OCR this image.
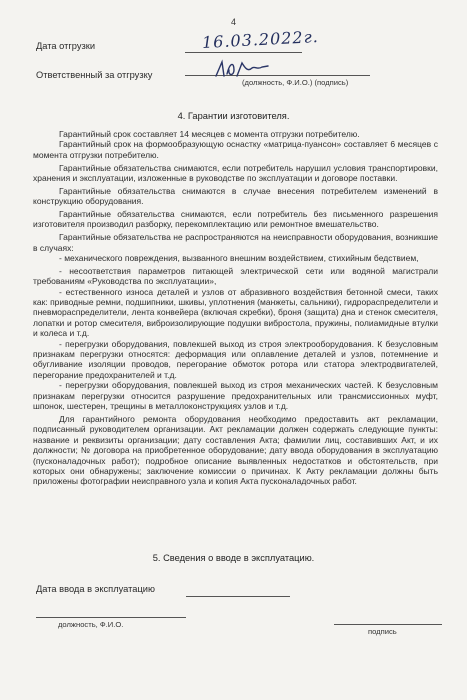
4
Дата отгрузки	16.03.2022г.
Ответственный за отгрузку
(должность, Ф.И.О.) (подпись)
4. Гарантии изготовителя.

Гарантийный срок составляет 14 месяцев с момента отгрузки потребителю.

Гарантийный срок на формообразующую оснастку «матрица-пуансон» составляет 6 месяцев с момента отгрузки потребителю.

Гарантийные обязательства снимаются, если потребитель нарушил условия транспортировки, хранения и эксплуатации, изложенные в руководстве по эксплуатации и договоре поставки.

Гарантийные обязательства снимаются в случае внесения потребителем изменений в конструкцию оборудования.

Гарантийные обязательства снимаются, если потребитель без письменного разрешения изготовителя производил разборку, перекомплектацию или ремонтное вмешательство.

Гарантийные обязательства не распространяются на неисправности оборудования, возникшие в случаях:

- механического повреждения, вызванного внешним воздействием, стихийным бедствием,

- несоответствия параметров питающей электрической сети или водяной магистрали требованиям «Руководства по эксплуатации»,

- естественного износа деталей и узлов от абразивного воздействия бетонной смеси, таких как: приводные ремни, подшипники, шкивы, уплотнения (манжеты, сальники), гидрораспределители и пневмораспределители, лента конвейера (включая скребки), броня (защита) дна и стенок смесителя, лопатки и ротор смесителя, виброизолирующие подушки вибростола, пружины, полиамидные втулки и колеса и т.д.

- перегрузки оборудования, повлекшей выход из строя электрооборудования. К безусловным признакам перегрузки относятся: деформация или оплавление деталей и узлов, потемнение и обугливание изоляции проводов, перегорание обмоток ротора или статора электродвигателей, перегорание предохранителей и т.д.

- перегрузки оборудования, повлекшей выход из строя механических частей. К безусловным признакам перегрузки относится разрушение предохранительных или трансмиссионных муфт, шпонок, шестерен, трещины в металлоконструкциях узлов и т.д.

Для гарантийного ремонта оборудования необходимо предоставить акт рекламации, подписанный руководителем организации. Акт рекламации должен содержать следующие пункты: название и реквизиты организации; дату составления Акта; фамилии лиц, составивших Акт, и их должности; № договора на приобретенное оборудование; дату ввода оборудования в эксплуатацию (пусконаладочных работ); подробное описание выявленных недостатков и обстоятельств, при которых они обнаружены; заключение комиссии о причинах. К Акту рекламации должны быть приложены фотографии неисправного узла и копия Акта пусконаладочных работ.

5. Сведения о вводе в эксплуатацию.
Дата ввода в эксплуатацию
должность, Ф.И.О.
подпись
